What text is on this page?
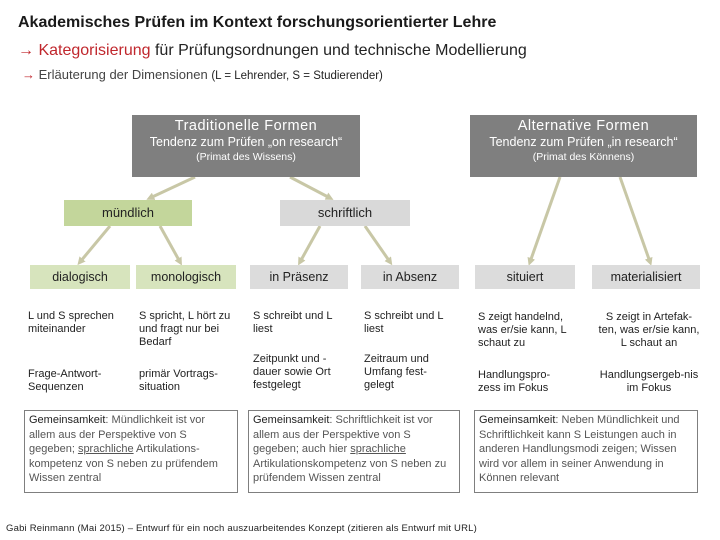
Akademisches Prüfen im Kontext forschungsorientierter Lehre
→ Kategorisierung für Prüfungsordnungen und technische Modellierung
→ Erläuterung der Dimensionen (L = Lehrender, S = Studierender)
Traditionelle Formen
Tendenz zum Prüfen „on research“
(Primat des Wissens)
Alternative Formen
Tendenz zum Prüfen „in research“
(Primat des Könnens)
mündlich	schriftlich
dialogisch	monologisch	in Präsenz	in Absenz	situiert	materialisiert
L und S sprechen miteinander
Frage-Antwort-Sequenzen
S spricht, L hört zu und fragt nur bei Bedarf
primär Vortrags-situation
S schreibt und L liest
Zeitpunkt und -dauer sowie Ort festgelegt
S schreibt und L liest
Zeitraum und Umfang fest-gelegt
S zeigt handelnd, was er/sie kann, L schaut zu
Handlungspro-zess im Fokus
S zeigt in Artefak-ten, was er/sie kann, L schaut an
Handlungsergeb-nis im Fokus
Gemeinsamkeit: Mündlichkeit ist vor allem aus der Perspektive von S gegeben; sprachliche Artikulations-kompetenz von S neben zu prüfendem Wissen zentral
Gemeinsamkeit: Schriftlichkeit ist vor allem aus der Perspektive von S gegeben; auch hier sprachliche Artikulationskompetenz von S neben zu prüfendem Wissen zentral
Gemeinsamkeit: Neben Mündlichkeit und Schriftlichkeit kann S Leistungen auch in anderen Handlungsmodi zeigen; Wissen wird vor allem in seiner Anwendung in Können relevant
Gabi Reinmann (Mai 2015) – Entwurf für ein noch auszuarbeitendes Konzept (zitieren als Entwurf mit URL)
